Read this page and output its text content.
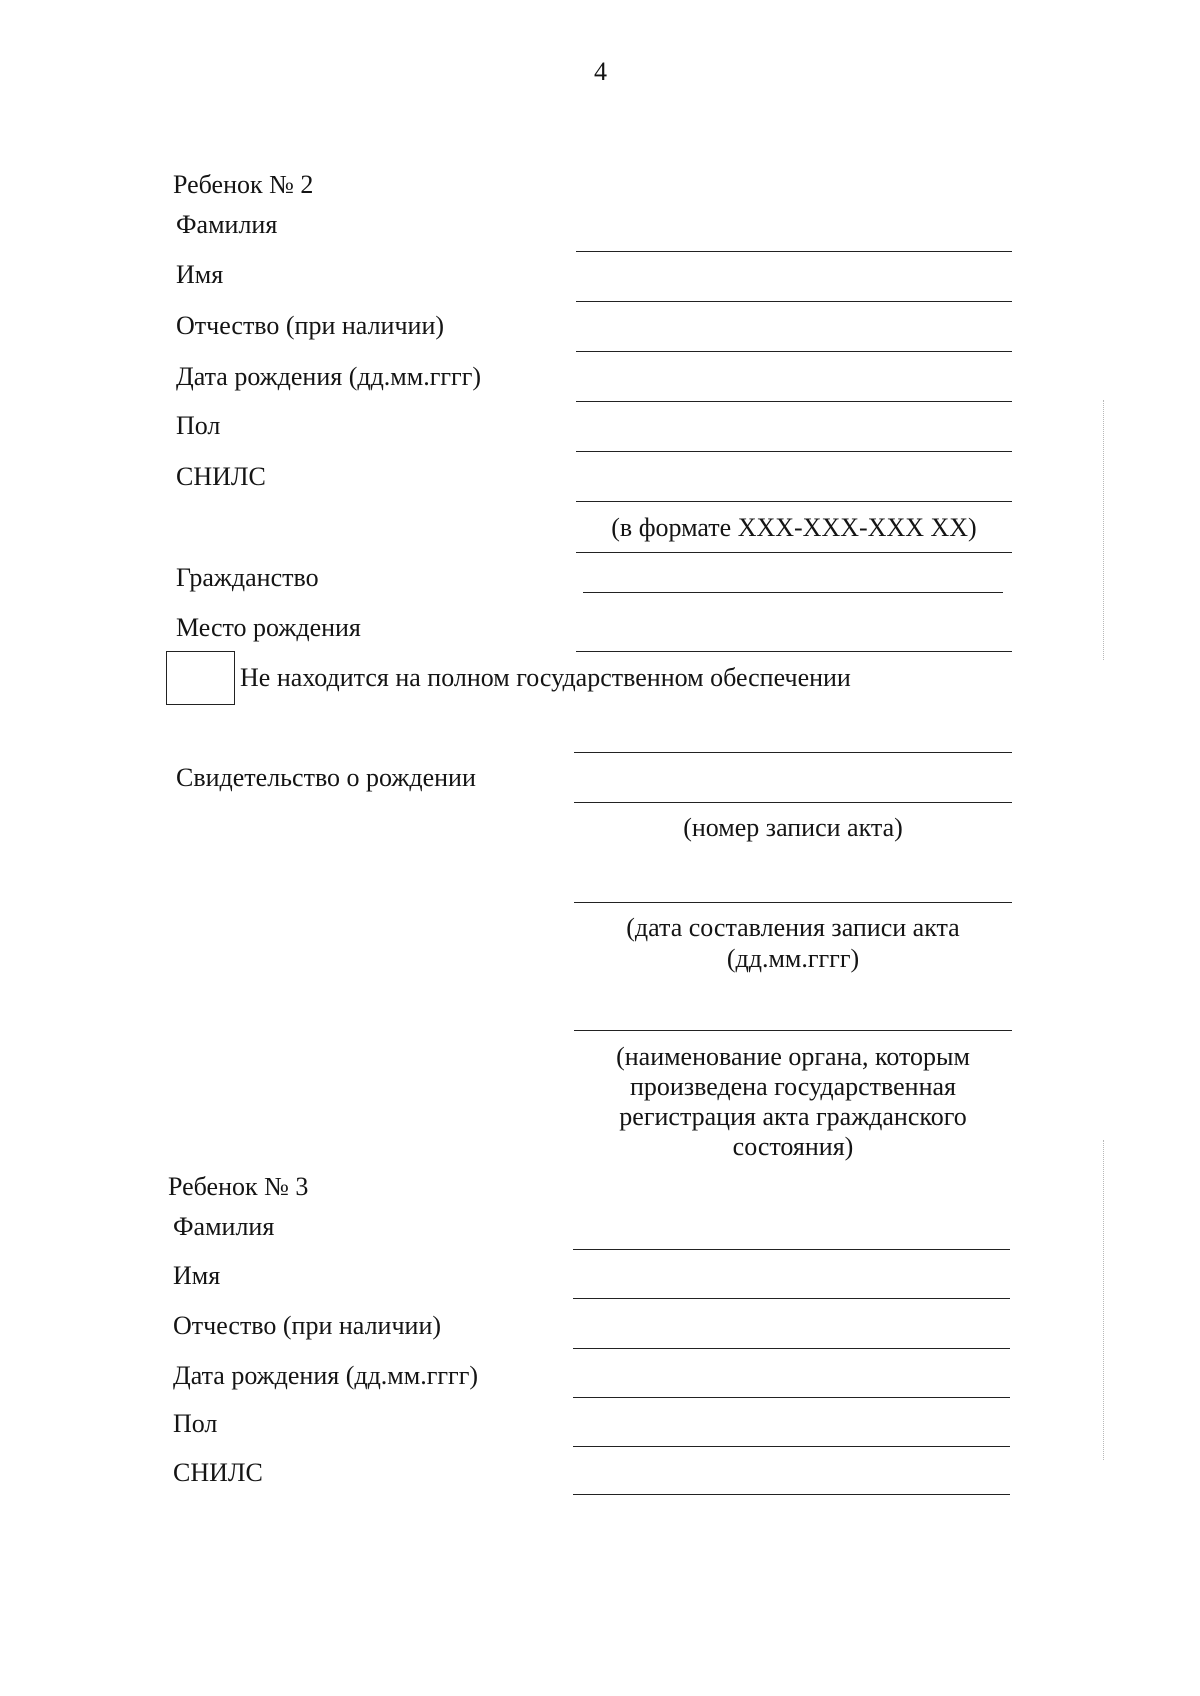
4
Ребенок № 2
Фамилия
Имя
Отчество (при наличии)
Дата рождения (дд.мм.гггг)
Пол
СНИЛС
(в формате XXX-XXX-XXX XX)
Гражданство
Место рождения
Не находится на полном государственном обеспечении
Свидетельство о рождении
(номер записи акта)
(дата составления записи акта
(дд.мм.гггг)
(наименование органа, которым
произведена государственная
регистрация акта гражданского
состояния)
Ребенок № 3
Фамилия
Имя
Отчество (при наличии)
Дата рождения (дд.мм.гггг)
Пол
СНИЛС
